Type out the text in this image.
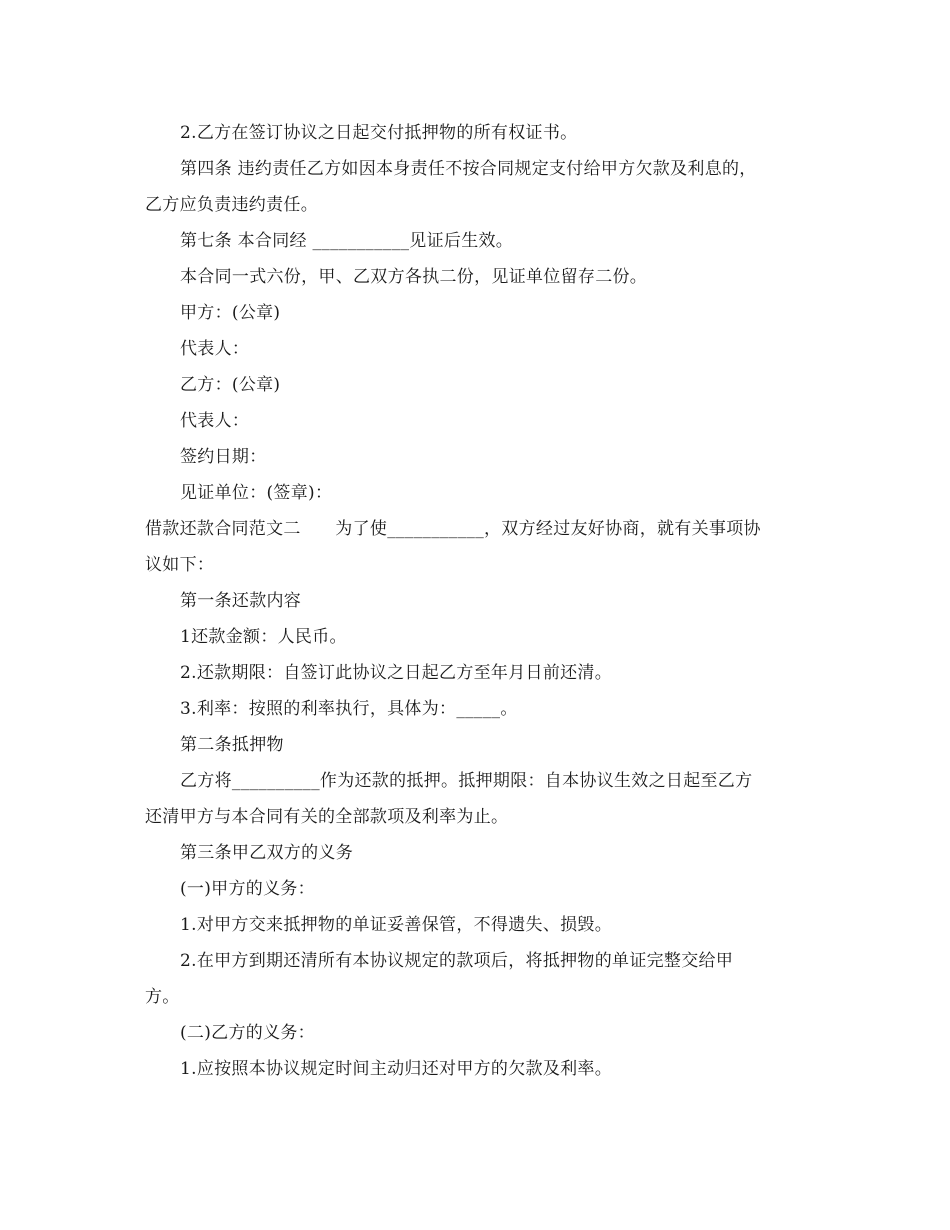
2.乙方在签订协议之日起交付抵押物的所有权证书。
第四条 违约责任乙方如因本身责任不按合同规定支付给甲方欠款及利息的，
乙方应负责违约责任。
第七条 本合同经 ___________见证后生效。
本合同一式六份，甲、乙双方各执二份，见证单位留存二份。
甲方：(公章)
代表人：
乙方：(公章)
代表人：
签约日期：
见证单位：(签章)：
借款还款合同范文二　　为了使___________，双方经过友好协商，就有关事项协
议如下：
第一条还款内容
1还款金额：人民币。
2.还款期限：自签订此协议之日起乙方至年月日前还清。
3.利率：按照的利率执行，具体为：_____。
第二条抵押物
乙方将__________作为还款的抵押。抵押期限：自本协议生效之日起至乙方
还清甲方与本合同有关的全部款项及利率为止。
第三条甲乙双方的义务
(一)甲方的义务：
1.对甲方交来抵押物的单证妥善保管，不得遗失、损毁。
2.在甲方到期还清所有本协议规定的款项后，将抵押物的单证完整交给甲
方。
(二)乙方的义务：
1.应按照本协议规定时间主动归还对甲方的欠款及利率。
